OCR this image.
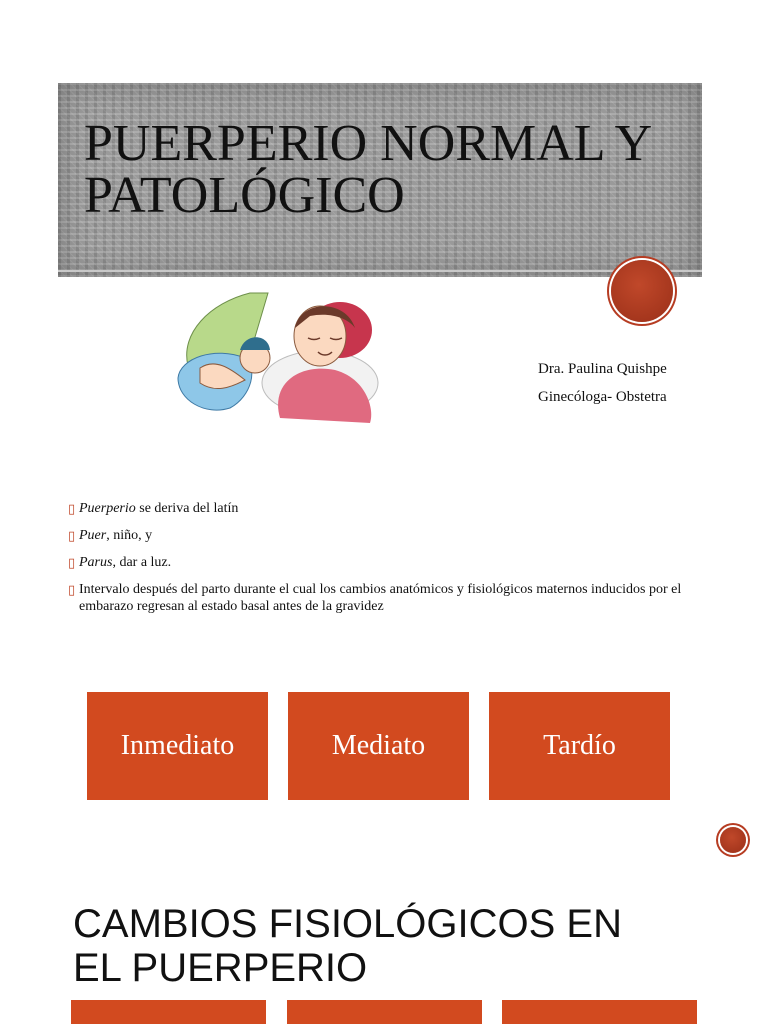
PUERPERIO NORMAL Y
PATOLÓGICO
Dra. Paulina Quishpe
Ginecóloga- Obstetra
▯ Puerperio se deriva del latín
▯ Puer, niño, y
▯ Parus, dar a luz.
▯ Intervalo después del parto durante el cual los cambios anatómicos y fisiológicos maternos inducidos por el embarazo regresan al estado basal antes de la gravidez
Inmediato	Mediato	Tardío
CAMBIOS FISIOLÓGICOS EN
EL PUERPERIO
